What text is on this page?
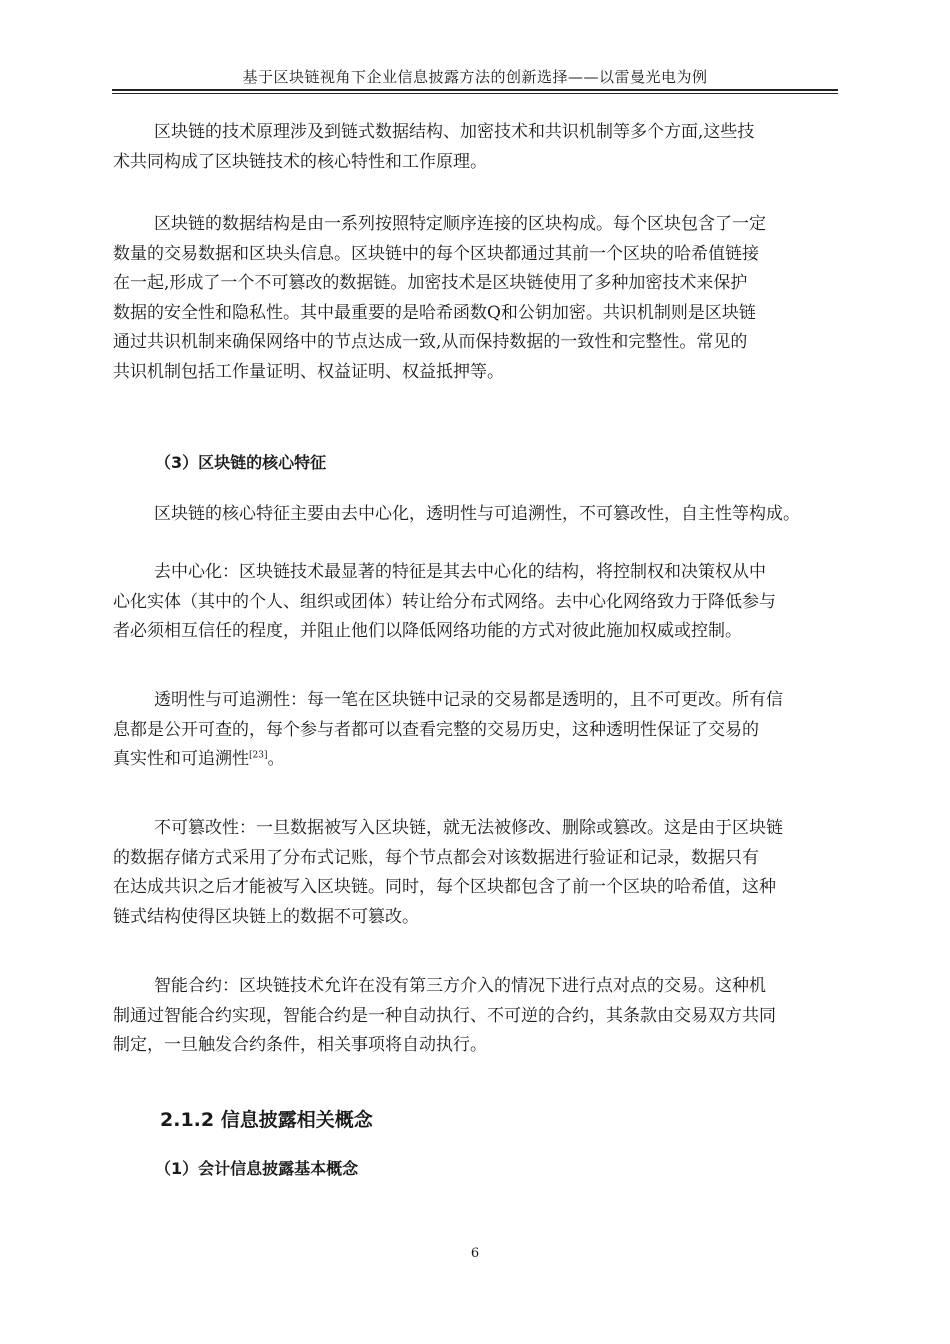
基于区块链视角下企业信息披露方法的创新选择——以雷曼光电为例

区块链的技术原理涉及到链式数据结构、加密技术和共识机制等多个方面,这些技
术共同构成了区块链技术的核心特性和工作原理。

区块链的数据结构是由一系列按照特定顺序连接的区块构成。每个区块包含了一定
数量的交易数据和区块头信息。区块链中的每个区块都通过其前一个区块的哈希值链接
在一起,形成了一个不可篡改的数据链。加密技术是区块链使用了多种加密技术来保护
数据的安全性和隐私性。其中最重要的是哈希函数Q和公钥加密。共识机制则是区块链
通过共识机制来确保网络中的节点达成一致,从而保持数据的一致性和完整性。常见的
共识机制包括工作量证明、权益证明、权益抵押等。

（3）区块链的核心特征

区块链的核心特征主要由去中心化，透明性与可追溯性，不可篡改性，自主性等构成。

去中心化：区块链技术最显著的特征是其去中心化的结构，将控制权和决策权从中
心化实体（其中的个人、组织或团体）转让给分布式网络。去中心化网络致力于降低参与
者必须相互信任的程度，并阻止他们以降低网络功能的方式对彼此施加权威或控制。

透明性与可追溯性：每一笔在区块链中记录的交易都是透明的，且不可更改。所有信
息都是公开可查的，每个参与者都可以查看完整的交易历史，这种透明性保证了交易的
真实性和可追溯性[23]。

不可篡改性：一旦数据被写入区块链，就无法被修改、删除或篡改。这是由于区块链
的数据存储方式采用了分布式记账，每个节点都会对该数据进行验证和记录，数据只有
在达成共识之后才能被写入区块链。同时，每个区块都包含了前一个区块的哈希值，这种
链式结构使得区块链上的数据不可篡改。

智能合约：区块链技术允许在没有第三方介入的情况下进行点对点的交易。这种机
制通过智能合约实现，智能合约是一种自动执行、不可逆的合约，其条款由交易双方共同
制定，一旦触发合约条件，相关事项将自动执行。

2.1.2 信息披露相关概念

（1）会计信息披露基本概念

6
